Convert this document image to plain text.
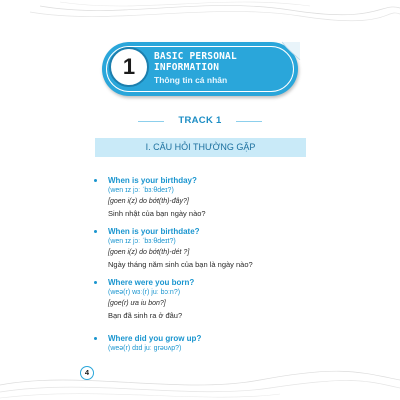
1	BASIC PERSONAL
INFORMATION
Thông tin cá nhân
TRACK 1
I. CÂU HỎI THƯỜNG GẶP
When is your birthday?
(wen ɪz jɔː ˈbɜːθdeɪ?)
[goen i(z) do bớt(th)-đây?]
Sinh nhật của bạn ngày nào?
When is your birthdate?
(wen ɪz jɔː ˈbɜːθdeɪt?)
[goen i(z) do bớt(th)-dét ?]
Ngày tháng năm sinh của bạn là ngày nào?
Where were you born?
(weə(r) wɜː(r) juː bɔːn?)
[goe(r) ưa iu bon?]
Bạn đã sinh ra ở đâu?
Where did you grow up?
(weə(r) dɪd juː ɡrəʊʌp?)
4
